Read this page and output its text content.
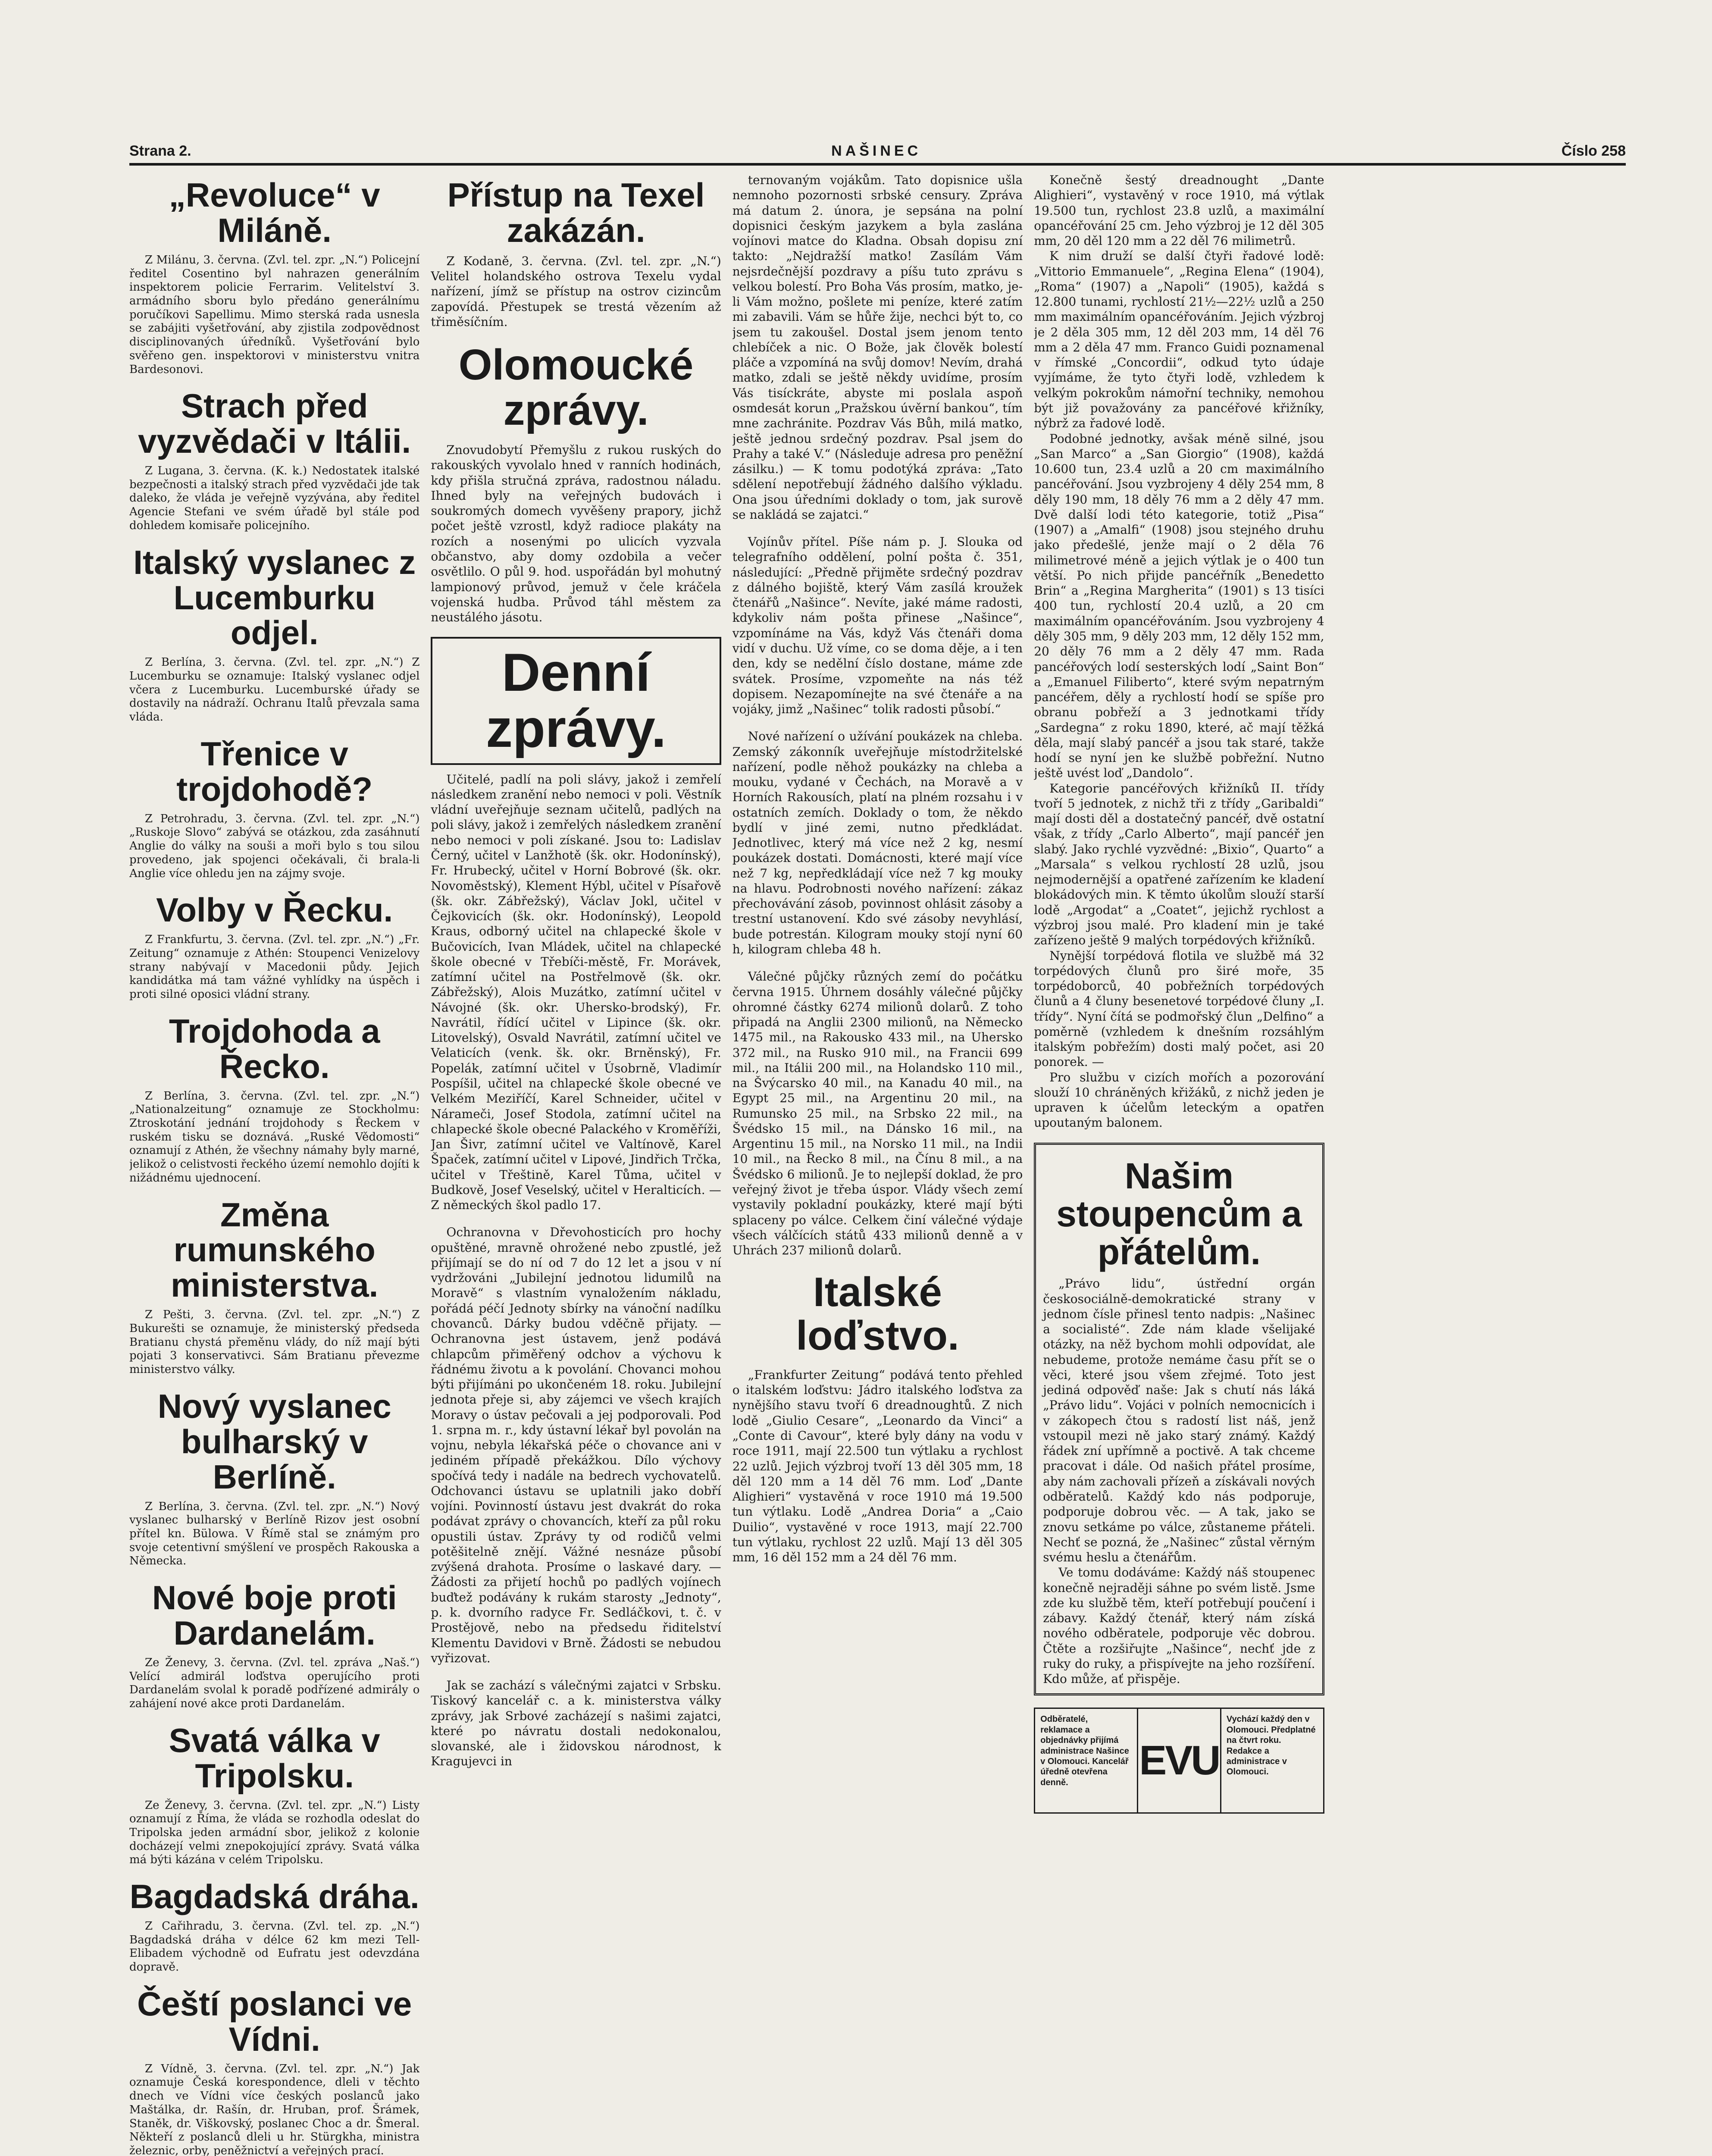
Strana 2.	NAŠINEC	Číslo 258
„Revoluce“ v Miláně.

Z Milánu, 3. června. (Zvl. tel. zpr. „N.“) Policejní ředitel Cosentino byl nahrazen generálním inspektorem policie Ferrarim. Velitelství 3. armádního sboru bylo předáno generálnímu poručíkovi Sapellimu. Mimo sterská rada usnesla se zabájiti vyšetřování, aby zjistila zodpovědnost disciplinovaných úředníků. Vyšetřování bylo svěřeno gen. inspektorovi v ministerstvu vnitra Bardesonovi.

Strach před vyzvědači v Itálii.

Z Lugana, 3. června. (K. k.) Nedostatek italské bezpečnosti a italský strach před vyzvědači jde tak daleko, že vláda je veřejně vyzývána, aby ředitel Agencie Stefani ve svém úřadě byl stále pod dohledem komisaře policejního.

Italský vyslanec z Lucemburku odjel.

Z Berlína, 3. června. (Zvl. tel. zpr. „N.“) Z Lucemburku se oznamuje: Italský vyslanec odjel včera z Lucemburku. Lucemburské úřady se dostavily na nádraží. Ochranu Italů převzala sama vláda.

Třenice v trojdohodě?

Z Petrohradu, 3. června. (Zvl. tel. zpr. „N.“) „Ruskoje Slovo“ zabývá se otázkou, zda zasáhnutí Anglie do války na souši a moři bylo s tou silou provedeno, jak spojenci očekávali, či brala-li Anglie více ohledu jen na zájmy svoje.

Volby v Řecku.

Z Frankfurtu, 3. června. (Zvl. tel. zpr. „N.“) „Fr. Zeitung“ oznamuje z Athén: Stoupenci Venizelovy strany nabývají v Macedonii půdy. Jejich kandidátka má tam vážné vyhlídky na úspěch i proti silné oposici vládní strany.

Trojdohoda a Řecko.

Z Berlína, 3. června. (Zvl. tel. zpr. „N.“) „Nationalzeitung“ oznamuje ze Stockholmu: Ztroskotání jednání trojdohody s Řeckem v ruském tisku se doznává. „Ruské Vědomosti“ oznamují z Athén, že všechny námahy byly marné, jelikož o celistvosti řeckého území nemohlo dojíti k nižádnému ujednocení.

Změna rumunského ministerstva.

Z Pešti, 3. června. (Zvl. tel. zpr. „N.“) Z Bukurešti se oznamuje, že ministerský předseda Bratianu chystá přeměnu vlády, do níž mají býti pojati 3 konservativci. Sám Bratianu převezme ministerstvo války.

Nový vyslanec bulharský v Berlíně.

Z Berlína, 3. června. (Zvl. tel. zpr. „N.“) Nový vyslanec bulharský v Berlíně Rizov jest osobní přítel kn. Bülowa. V Římě stal se známým pro svoje cetentivní smýšlení ve prospěch Rakouska a Německa.

Nové boje proti Dardanelám.

Ze Ženevy, 3. června. (Zvl. tel. zpráva „Naš.“) Velící admirál loďstva operujícího proti Dardanelám svolal k poradě podřízené admirály o zahájení nové akce proti Dardanelám.

Svatá válka v Tripolsku.

Ze Ženevy, 3. června. (Zvl. tel. zpr. „N.“) Listy oznamují z Říma, že vláda se rozhodla odeslat do Tripolska jeden armádní sbor, jelikož z kolonie docházejí velmi znepokojující zprávy. Svatá válka má býti kázána v celém Tripolsku.

Bagdadská dráha.

Z Cařihradu, 3. června. (Zvl. tel. zp. „N.“) Bagdadská dráha v délce 62 km mezi Tell-Elibadem východně od Eufratu jest odevzdána dopravě.

Čeští poslanci ve Vídni.

Z Vídně, 3. června. (Zvl. tel. zpr. „N.“) Jak oznamuje Česká korespondence, dleli v těchto dnech ve Vídni více českých poslanců jako Maštálka, dr. Rašín, dr. Hruban, prof. Šrámek, Staněk, dr. Viškovský, poslanec Choc a dr. Šmeral. Někteří z poslanců dleli u hr. Stürgkha, ministra železnic, orby, peněžnictví a veřejných prací.

Přístup na Texel zakázán.

Z Kodaně, 3. června. (Zvl. tel. zpr. „N.“) Velitel holandského ostrova Texelu vydal nařízení, jímž se přístup na ostrov cizincům zapovídá. Přestupek se trestá vězením až třiměsíčním.

Olomoucké zprávy.

Znovudobytí Přemyšlu z rukou ruských do rakouských vyvolalo hned v ranních hodinách, kdy přišla stručná zpráva, radostnou náladu. Ihned byly na veřejných budovách i soukromých domech vyvěšeny prapory, jichž počet ještě vzrostl, když radioce plakáty na rozích a nosenými po ulicích vyzvala občanstvo, aby domy ozdobila a večer osvětlilo. O půl 9. hod. uspořádán byl mohutný lampionový průvod, jemuž v čele kráčela vojenská hudba. Průvod táhl městem za neustálého jásotu.

Denní zprávy.

Učitelé, padlí na poli slávy, jakož i zemřelí následkem zranění nebo nemoci v poli. Věstník vládní uveřejňuje seznam učitelů, padlých na poli slávy, jakož i zemřelých následkem zranění nebo nemoci v poli získané. Jsou to: Ladislav Černý, učitel v Lanžhotě (šk. okr. Hodonínský), Fr. Hrubecký, učitel v Horní Bobrové (šk. okr. Novoměstský), Klement Hýbl, učitel v Písařově (šk. okr. Zábřežský), Václav Jokl, učitel v Čejkovicích (šk. okr. Hodonínský), Leopold Kraus, odborný učitel na chlapecké škole v Bučovicích, Ivan Mládek, učitel na chlapecké škole obecné v Třebíči-městě, Fr. Morávek, zatímní učitel na Postřelmově (šk. okr. Zábřežský), Alois Muzátko, zatímní učitel v Návojné (šk. okr. Uhersko-brodský), Fr. Navrátil, řídící učitel v Lipince (šk. okr. Litovelský), Osvald Navrátil, zatímní učitel ve Velaticích (venk. šk. okr. Brněnský), Fr. Popelák, zatímní učitel v Úsobrně, Vladimír Pospíšil, učitel na chlapecké škole obecné ve Velkém Meziříčí, Karel Schneider, učitel v Nárameči, Josef Stodola, zatímní učitel na chlapecké škole obecné Palackého v Kroměříži, Jan Šivr, zatímní učitel ve Valtínově, Karel Špaček, zatímní učitel v Lipové, Jindřich Trčka, učitel v Třeštině, Karel Tůma, učitel v Budkově, Josef Veselský, učitel v Heralticích. — Z německých škol padlo 17.

Ochranovna v Dřevohosticích pro hochy opuštěné, mravně ohrožené nebo zpustlé, jež přijímají se do ní od 7 do 12 let a jsou v ní vydržováni „Jubilejní jednotou lidumilů na Moravě“ s vlastním vynaložením nákladu, pořádá péčí Jednoty sbírky na vánoční nadílku chovanců. Dárky budou vděčně přijaty. — Ochranovna jest ústavem, jenž podává chlapcům přiměřený odchov a výchovu k řádnému životu a k povolání. Chovanci mohou býti přijímáni po ukončeném 18. roku. Jubilejní jednota přeje si, aby zájemci ve všech krajích Moravy o ústav pečovali a jej podporovali. Pod 1. srpna m. r., kdy ústavní lékař byl povolán na vojnu, nebyla lékařská péče o chovance ani v jediném případě překážkou. Dílo výchovy spočívá tedy i nadále na bedrech vychovatelů. Odchovanci ústavu se uplatnili jako dobří vojíni. Povinností ústavu jest dvakrát do roka podávat zprávy o chovancích, kteří za půl roku opustili ústav. Zprávy ty od rodičů velmi potěšitelně znějí. Vážné nesnáze působí zvýšená drahota. Prosíme o laskavé dary. — Žádosti za přijetí hochů po padlých vojínech buďtež podávány k rukám starosty „Jednoty“, p. k. dvorního radyce Fr. Sedláčkovi, t. č. v Prostějově, nebo na předsedu řiditelství Klementu Davidovi v Brně. Žádosti se nebudou vyřizovat.

Jak se zachází s válečnými zajatci v Srbsku. Tiskový kancelář c. a k. ministerstva války zprávy, jak Srbové zacházejí s našimi zajatci, které po návratu dostali nedokonalou, slovanské, ale i židovskou národnost, k Kragujevci in

ternovaným vojákům. Tato dopisnice ušla nemnoho pozornosti srbské censury. Zpráva má datum 2. února, je sepsána na polní dopisnici českým jazykem a byla zaslána vojínovi matce do Kladna. Obsah dopisu zní takto: „Nejdražší matko! Zasílám Vám nejsrdečnější pozdravy a píšu tuto zprávu s velkou bolestí. Pro Boha Vás prosím, matko, je-li Vám možno, pošlete mi peníze, které zatím mi zabavili. Vám se hůře žije, nechci být to, co jsem tu zakoušel. Dostal jsem jenom tento chlebíček a nic. O Bože, jak člověk bolestí pláče a vzpomíná na svůj domov! Nevím, drahá matko, zdali se ještě někdy uvidíme, prosím Vás tisíckráte, abyste mi poslala aspoň osmdesát korun „Pražskou úvěrní bankou“, tím mne zachránite. Pozdrav Vás Bůh, milá matko, ještě jednou srdečný pozdrav. Psal jsem do Prahy a také V.“ (Následuje adresa pro peněžní zásilku.) — K tomu podotýká zpráva: „Tato sdělení nepotřebují žádného dalšího výkladu. Ona jsou úředními doklady o tom, jak surově se nakládá se zajatci.“

Vojínův přítel. Píše nám p. J. Slouka od telegrafního oddělení, polní pošta č. 351, následující: „Předně přijměte srdečný pozdrav z dálného bojiště, který Vám zasílá kroužek čtenářů „Našince“. Nevíte, jaké máme radosti, kdykoliv nám pošta přinese „Našince“, vzpomínáme na Vás, když Vás čtenáři doma vidí v duchu. Už víme, co se doma děje, a i ten den, kdy se nedělní číslo dostane, máme zde svátek. Prosíme, vzpomeňte na nás též dopisem. Nezapomínejte na své čtenáře a na vojáky, jimž „Našinec“ tolik radosti působí.“

Nové nařízení o užívání poukázek na chleba. Zemský zákonník uveřejňuje místodržitelské nařízení, podle něhož poukázky na chleba a mouku, vydané v Čechách, na Moravě a v Horních Rakousích, platí na plném rozsahu i v ostatních zemích. Doklady o tom, že někdo bydlí v jiné zemi, nutno předkládat. Jednotlivec, který má více než 2 kg, nesmí poukázek dostati. Domácnosti, které mají více než 7 kg, nepředkládají více než 7 kg mouky na hlavu. Podrobnosti nového nařízení: zákaz přechovávání zásob, povinnost ohlásit zásoby a trestní ustanovení. Kdo své zásoby nevyhlásí, bude potrestán. Kilogram mouky stojí nyní 60 h, kilogram chleba 48 h.

Válečné půjčky různých zemí do počátku června 1915. Úhrnem dosáhly válečné půjčky ohromné částky 6274 milionů dolarů. Z toho připadá na Anglii 2300 milionů, na Německo 1475 mil., na Rakousko 433 mil., na Uhersko 372 mil., na Rusko 910 mil., na Francii 699 mil., na Itálii 200 mil., na Holandsko 110 mil., na Švýcarsko 40 mil., na Kanadu 40 mil., na Egypt 25 mil., na Argentinu 20 mil., na Rumunsko 25 mil., na Srbsko 22 mil., na Švédsko 15 mil., na Dánsko 16 mil., na Argentinu 15 mil., na Norsko 11 mil., na Indii 10 mil., na Řecko 8 mil., na Čínu 8 mil., a na Švédsko 6 milionů. Je to nejlepší doklad, že pro veřejný život je třeba úspor. Vlády všech zemí vystavily pokladní poukázky, které mají býti splaceny po válce. Celkem činí válečné výdaje všech válčících států 433 milionů denně a v Uhrách 237 milionů dolarů.

Italské loďstvo.

„Frankfurter Zeitung“ podává tento přehled o italském loďstvu: Jádro italského loďstva za nynějšího stavu tvoří 6 dreadnoughtů. Z nich lodě „Giulio Cesare“, „Leonardo da Vinci“ a „Conte di Cavour“, které byly dány na vodu v roce 1911, mají 22.500 tun výtlaku a rychlost 22 uzlů. Jejich výzbroj tvoří 13 děl 305 mm, 18 děl 120 mm a 14 děl 76 mm. Loď „Dante Alighieri“ vystavěná v roce 1910 má 19.500 tun výtlaku. Lodě „Andrea Doria“ a „Caio Duilio“, vystavěné v roce 1913, mají 22.700 tun výtlaku, rychlost 22 uzlů. Mají 13 děl 305 mm, 16 děl 152 mm a 24 děl 76 mm.

Konečně šestý dreadnought „Dante Alighieri“, vystavěný v roce 1910, má výtlak 19.500 tun, rychlost 23.8 uzlů, a maximální opancéřování 25 cm. Jeho výzbroj je 12 děl 305 mm, 20 děl 120 mm a 22 děl 76 milimetrů.

K nim druží se další čtyři řadové lodě: „Vittorio Emmanuele“, „Regina Elena“ (1904), „Roma“ (1907) a „Napoli“ (1905), každá s 12.800 tunami, rychlostí 21½—22½ uzlů a 250 mm maximálním opancéřováním. Jejich výzbroj je 2 děla 305 mm, 12 děl 203 mm, 14 děl 76 mm a 2 děla 47 mm. Franco Guidi poznamenal v římské „Concordii“, odkud tyto údaje vyjímáme, že tyto čtyři lodě, vzhledem k velkým pokrokům námořní techniky, nemohou být již považovány za pancéřové křižníky, nýbrž za řadové lodě.

Podobné jednotky, avšak méně silné, jsou „San Marco“ a „San Giorgio“ (1908), každá 10.600 tun, 23.4 uzlů a 20 cm maximálního pancéřování. Jsou vyzbrojeny 4 děly 254 mm, 8 děly 190 mm, 18 děly 76 mm a 2 děly 47 mm. Dvě další lodi této kategorie, totiž „Pisa“ (1907) a „Amalfi“ (1908) jsou stejného druhu jako předešlé, jenže mají o 2 děla 76 milimetrové méně a jejich výtlak je o 400 tun větší. Po nich přijde pancéřník „Benedetto Brin“ a „Regina Margherita“ (1901) s 13 tisíci 400 tun, rychlostí 20.4 uzlů, a 20 cm maximálním opancéřováním. Jsou vyzbrojeny 4 děly 305 mm, 9 děly 203 mm, 12 děly 152 mm, 20 děly 76 mm a 2 děly 47 mm. Rada pancéřových lodí sesterských lodí „Saint Bon“ a „Emanuel Filiberto“, které svým nepatrným pancéřem, děly a rychlostí hodí se spíše pro obranu pobřeží a 3 jednotkami třídy „Sardegna“ z roku 1890, které, ač mají těžká děla, mají slabý pancéř a jsou tak staré, takže hodí se nyní jen ke službě pobřežní. Nutno ještě uvést loď „Dandolo“.

Kategorie pancéřových křižníků II. třídy tvoří 5 jednotek, z nichž tři z třídy „Garibaldi“ mají dosti děl a dostatečný pancéř, dvě ostatní však, z třídy „Carlo Alberto“, mají pancéř jen slabý. Jako rychlé vyzvědné: „Bixio“, Quarto“ a „Marsala“ s velkou rychlostí 28 uzlů, jsou nejmodernější a opatřené zařízením ke kladení blokádových min. K těmto úkolům slouží starší lodě „Argodat“ a „Coatet“, jejichž rychlost a výzbroj jsou malé. Pro kladení min je také zařízeno ještě 9 malých torpédových křižníků.

Nynější torpédová flotila ve službě má 32 torpédových člunů pro širé moře, 35 torpédoborců, 40 pobřežních torpédových člunů a 4 čluny besenetové torpédové čluny „I. třídy“. Nyní čítá se podmořský člun „Delfino“ a poměrně (vzhledem k dnešním rozsáhlým italským pobřežím) dosti malý počet, asi 20 ponorek. —

Pro službu v cizích mořích a pozorování slouží 10 chráněných křižáků, z nichž jeden je upraven k účelům leteckým a opatřen upoutaným balonem.

Našim stoupencům a přátelům.

„Právo lidu“, ústřední orgán českosociálně-demokratické strany v jednom čísle přinesl tento nadpis: „Našinec a socialisté“. Zde nám klade všelijaké otázky, na něž bychom mohli odpovídat, ale nebudeme, protože nemáme času přít se o věci, které jsou všem zřejmé. Toto jest jediná odpověď naše: Jak s chutí nás láká „Právo lidu“. Vojáci v polních nemocnicích i v zákopech čtou s radostí list náš, jenž vstoupil mezi ně jako starý známý. Každý řádek zní upřímně a poctivě. A tak chceme pracovat i dále. Od našich přátel prosíme, aby nám zachovali přízeň a získávali nových odběratelů. Každý kdo nás podporuje, podporuje dobrou věc. — A tak, jako se znovu setkáme po válce, zůstaneme přáteli. Nechť se pozná, že „Našinec“ zůstal věrným svému heslu a čtenářům.

Ve tomu dodáváme: Každý náš stoupenec konečně nejraději sáhne po svém listě. Jsme zde ku službě těm, kteří potřebují poučení i zábavy. Každý čtenář, který nám získá nového odběratele, podporuje věc dobrou. Čtěte a rozšiřujte „Našince“, nechť jde z ruky do ruky, a přispívejte na jeho rozšíření. Kdo může, ať přispěje.

Odběratelé, reklamace a objednávky přijímá administrace Našince v Olomouci. Kancelář úředně otevřena denně.	EVU
Vychází každý den v Olomouci. Předplatné na čtvrt roku. Redakce a administrace v Olomouci.
